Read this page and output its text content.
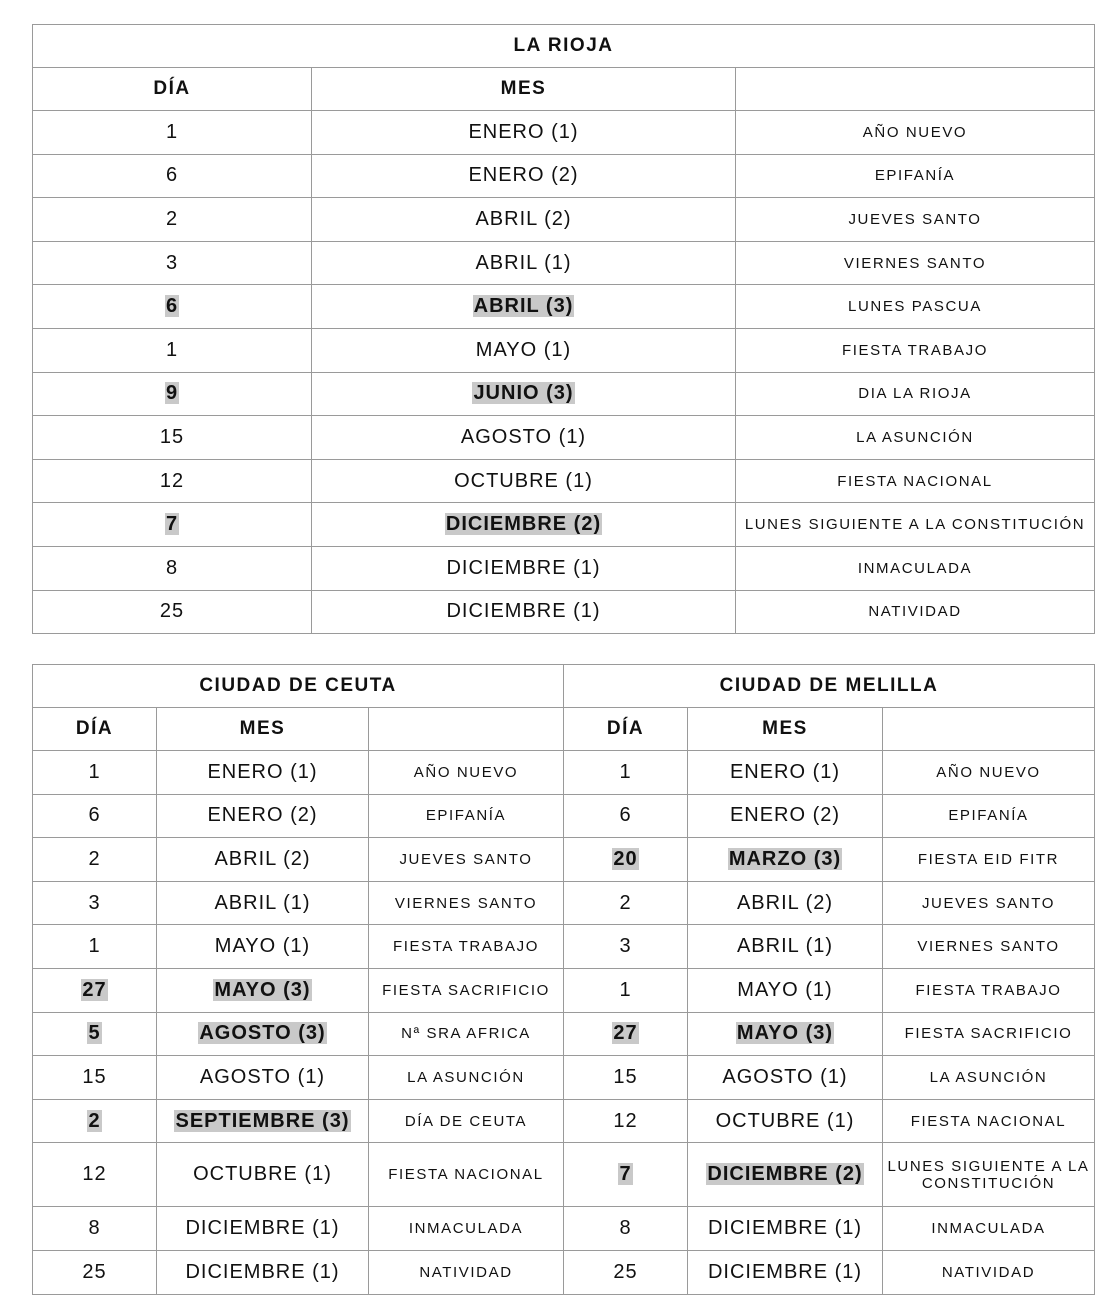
LA RIOJA		
DÍA	MES	
1	ENERO (1)	AÑO NUEVO
6	ENERO (2)	EPIFANÍA
2	ABRIL (2)	JUEVES SANTO
3	ABRIL (1)	VIERNES SANTO
6	ABRIL (3)	LUNES PASCUA
1	MAYO (1)	FIESTA TRABAJO
9	JUNIO (3)	DIA LA RIOJA
15	AGOSTO (1)	LA ASUNCIÓN
12	OCTUBRE (1)	FIESTA NACIONAL
7	DICIEMBRE (2)	LUNES SIGUIENTE A LA CONSTITUCIÓN
8	DICIEMBRE (1)	INMACULADA
25	DICIEMBRE (1)	NATIVIDAD
CIUDAD DE CEUTA			CIUDAD DE MELILLA		
DÍA	MES		DÍA	MES	
1	ENERO (1)	AÑO NUEVO	1	ENERO (1)	AÑO NUEVO
6	ENERO (2)	EPIFANÍA	6	ENERO (2)	EPIFANÍA
2	ABRIL (2)	JUEVES SANTO	20	MARZO (3)	FIESTA EID FITR
3	ABRIL (1)	VIERNES SANTO	2	ABRIL (2)	JUEVES SANTO
1	MAYO (1)	FIESTA TRABAJO	3	ABRIL (1)	VIERNES SANTO
27	MAYO (3)	FIESTA SACRIFICIO	1	MAYO (1)	FIESTA TRABAJO
5	AGOSTO (3)	Nª SRA AFRICA	27	MAYO (3)	FIESTA SACRIFICIO
15	AGOSTO (1)	LA ASUNCIÓN	15	AGOSTO (1)	LA ASUNCIÓN
2	SEPTIEMBRE (3)	DÍA DE CEUTA	12	OCTUBRE (1)	FIESTA NACIONAL
12	OCTUBRE (1)	FIESTA NACIONAL	7	DICIEMBRE (2)	LUNES SIGUIENTE A LA CONSTITUCIÓN
8	DICIEMBRE (1)	INMACULADA	8	DICIEMBRE (1)	INMACULADA
25	DICIEMBRE (1)	NATIVIDAD	25	DICIEMBRE (1)	NATIVIDAD
